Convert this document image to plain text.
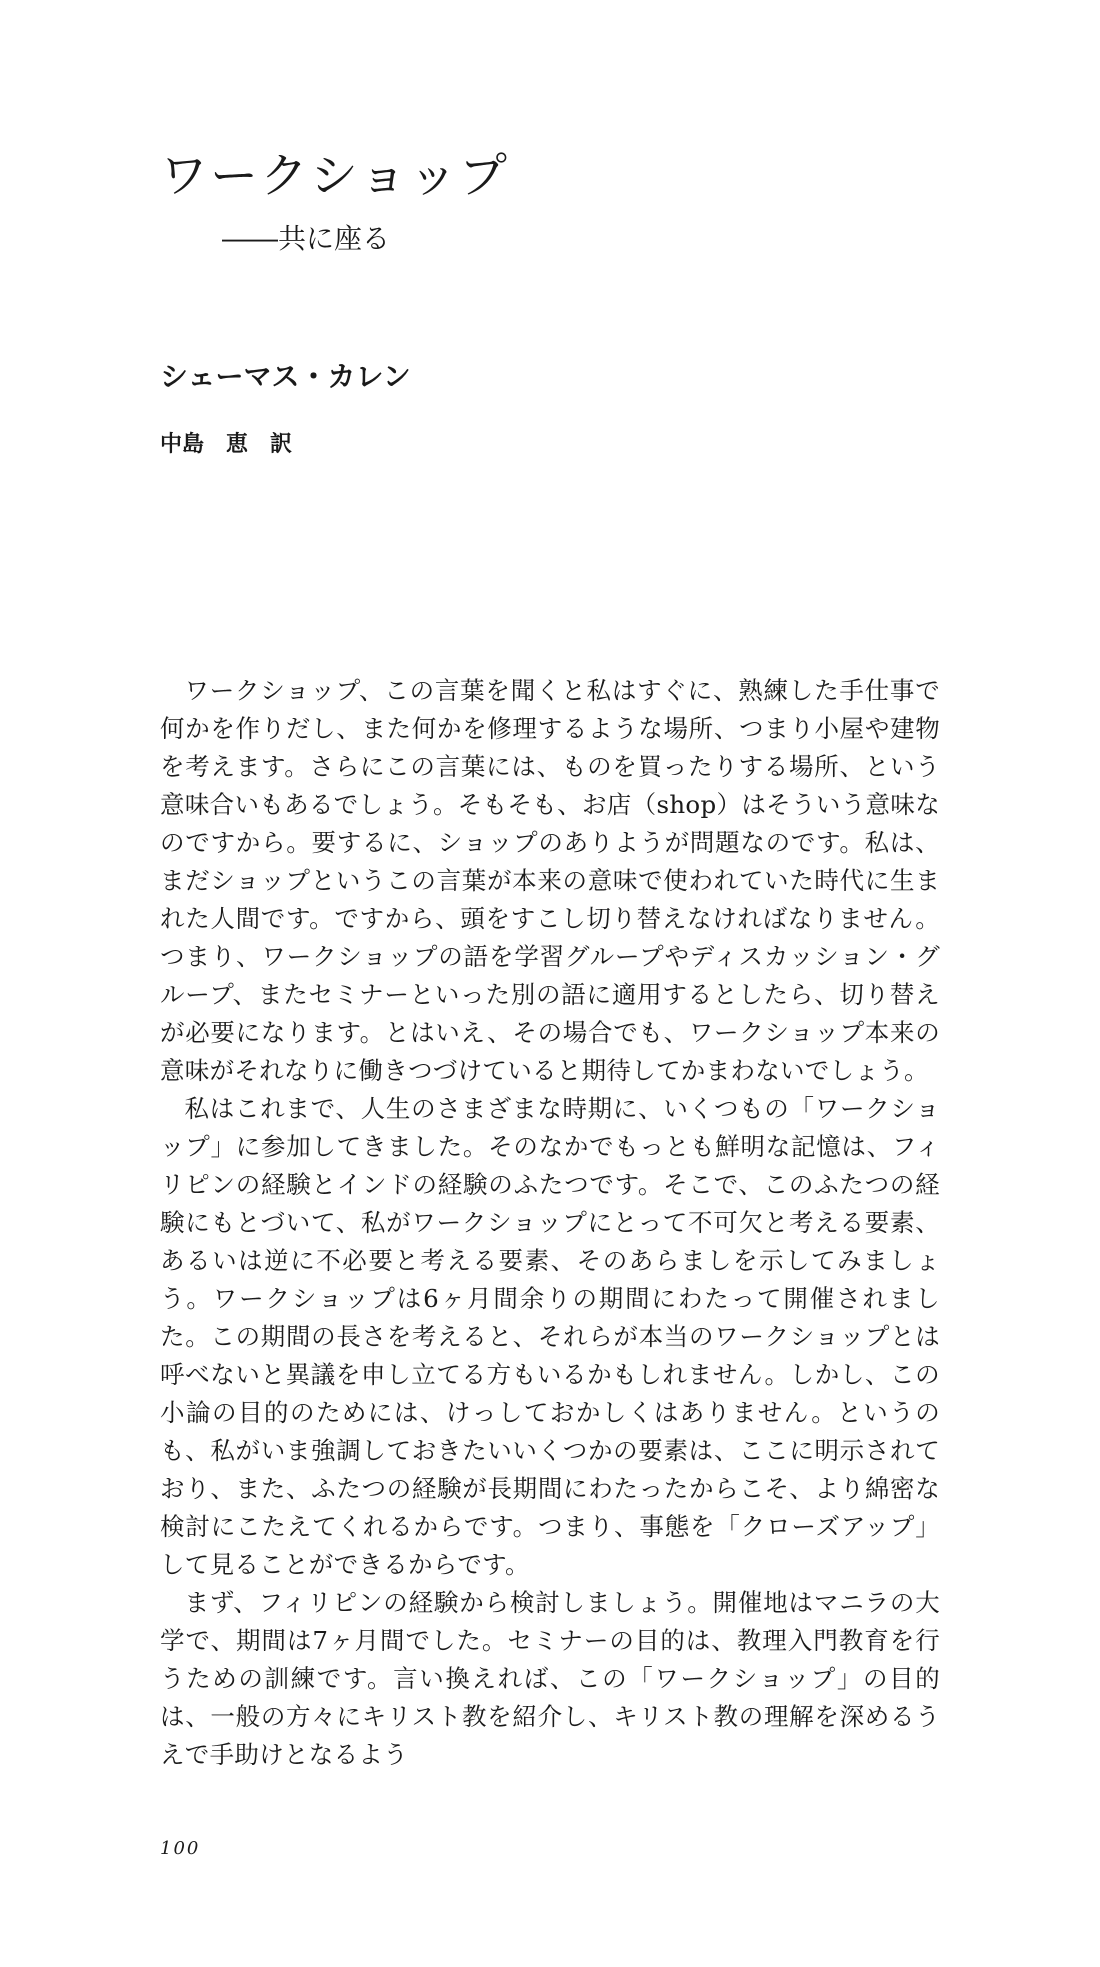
ワークショップ
――共に座る
シェーマス・カレン
中島　恵　訳

ワークショップ、この言葉を聞くと私はすぐに、熟練した手仕事で何かを作りだし、また何かを修理するような場所、つまり小屋や建物を考えます。さらにこの言葉には、ものを買ったりする場所、という意味合いもあるでしょう。そもそも、お店（shop）はそういう意味なのですから。要するに、ショップのありようが問題なのです。私は、まだショップというこの言葉が本来の意味で使われていた時代に生まれた人間です。ですから、頭をすこし切り替えなければなりません。つまり、ワークショップの語を学習グループやディスカッション・グループ、またセミナーといった別の語に適用するとしたら、切り替えが必要になります。とはいえ、その場合でも、ワークショップ本来の意味がそれなりに働きつづけていると期待してかまわないでしょう。

私はこれまで、人生のさまざまな時期に、いくつもの「ワークショップ」に参加してきました。そのなかでもっとも鮮明な記憶は、フィリピンの経験とインドの経験のふたつです。そこで、このふたつの経験にもとづいて、私がワークショップにとって不可欠と考える要素、あるいは逆に不必要と考える要素、そのあらましを示してみましょう。ワークショップは6ヶ月間余りの期間にわたって開催されました。この期間の長さを考えると、それらが本当のワークショップとは呼べないと異議を申し立てる方もいるかもしれません。しかし、この小論の目的のためには、けっしておかしくはありません。というのも、私がいま強調しておきたいいくつかの要素は、ここに明示されており、また、ふたつの経験が長期間にわたったからこそ、より綿密な検討にこたえてくれるからです。つまり、事態を「クローズアップ」して見ることができるからです。

まず、フィリピンの経験から検討しましょう。開催地はマニラの大学で、期間は7ヶ月間でした。セミナーの目的は、教理入門教育を行うための訓練です。言い換えれば、この「ワークショップ」の目的は、一般の方々にキリスト教を紹介し、キリスト教の理解を深めるうえで手助けとなるよう

100
